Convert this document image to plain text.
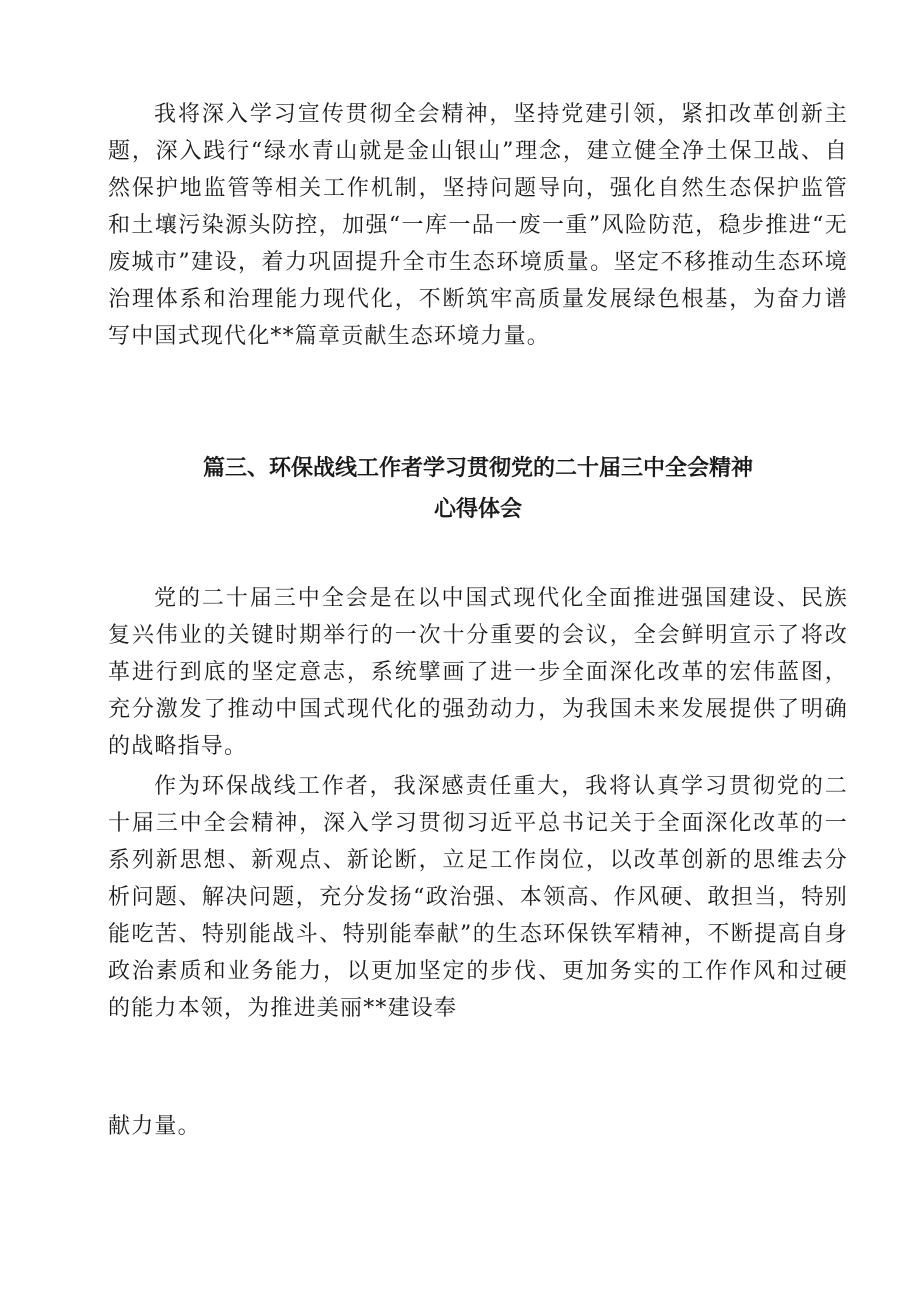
我将深入学习宣传贯彻全会精神，坚持党建引领，紧扣改革创新主题，深入践行“绿水青山就是金山银山”理念，建立健全净土保卫战、自然保护地监管等相关工作机制，坚持问题导向，强化自然生态保护监管和土壤污染源头防控，加强“一库一品一废一重”风险防范，稳步推进“无废城市”建设，着力巩固提升全市生态环境质量。坚定不移推动生态环境治理体系和治理能力现代化，不断筑牢高质量发展绿色根基，为奋力谱写中国式现代化**篇章贡献生态环境力量。

篇三、环保战线工作者学习贯彻党的二十届三中全会精神
心得体会

党的二十届三中全会是在以中国式现代化全面推进强国建设、民族复兴伟业的关键时期举行的一次十分重要的会议，全会鲜明宣示了将改革进行到底的坚定意志，系统擘画了进一步全面深化改革的宏伟蓝图，充分激发了推动中国式现代化的强劲动力，为我国未来发展提供了明确的战略指导。

作为环保战线工作者，我深感责任重大，我将认真学习贯彻党的二十届三中全会精神，深入学习贯彻习近平总书记关于全面深化改革的一系列新思想、新观点、新论断，立足工作岗位，以改革创新的思维去分析问题、解决问题，充分发扬“政治强、本领高、作风硬、敢担当，特别能吃苦、特别能战斗、特别能奉献”的生态环保铁军精神，不断提高自身政治素质和业务能力，以更加坚定的步伐、更加务实的工作作风和过硬的能力本领，为推进美丽**建设奉

献力量。
